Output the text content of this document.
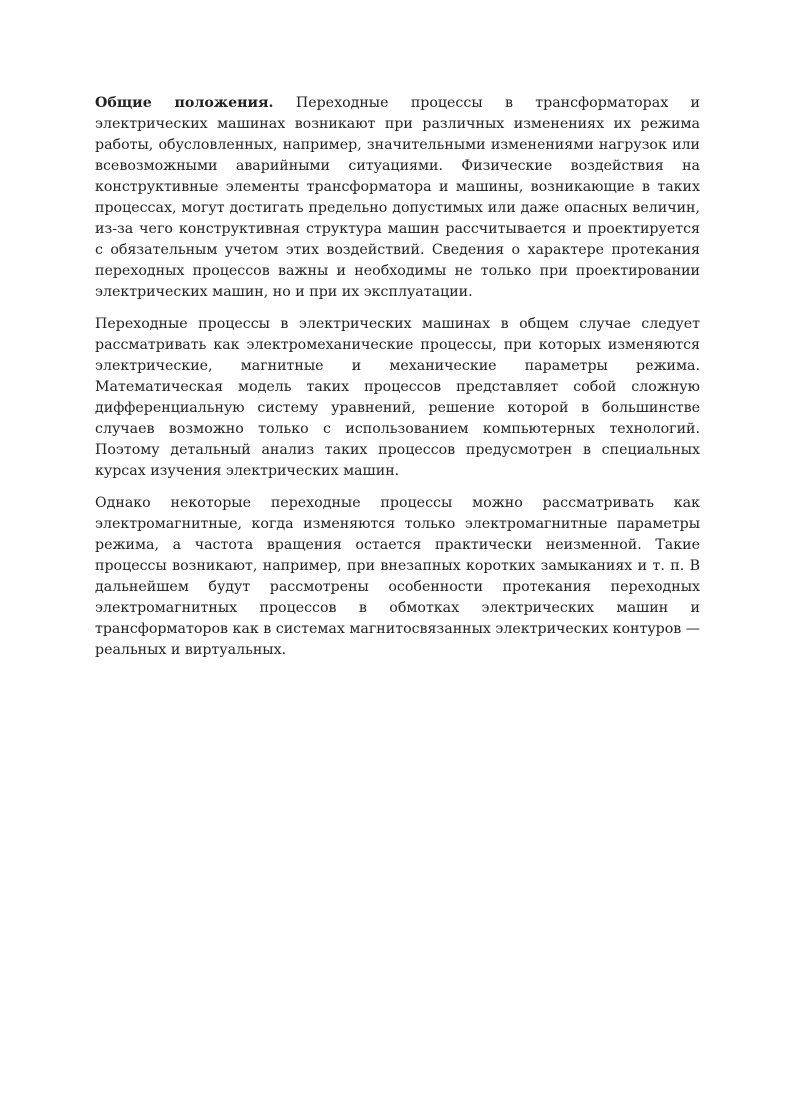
Общие положения. Переходные процессы в трансформаторах и электрических машинах возникают при различных изменениях их режима работы, обусловленных, например, значительными изменениями нагрузок или всевозможными аварийными ситуациями. Физические воздействия на конструктивные элементы трансформатора и машины, возникающие в таких процессах, могут достигать предельно допустимых или даже опасных величин, из-за чего конструктивная структура машин рассчитывается и проектируется с обязательным учетом этих воздействий. Сведения о характере протекания переходных процессов важны и необходимы не только при проектировании электрических машин, но и при их эксплуатации.

Переходные процессы в электрических машинах в общем случае следует рассматривать как электромеханические процессы, при которых изменяются электрические, магнитные и механические параметры режима. Математическая модель таких процессов представляет собой сложную дифференциальную систему уравнений, решение которой в большинстве случаев возможно только с использованием компьютерных технологий. Поэтому детальный анализ таких процессов предусмотрен в специальных курсах изучения электрических машин.

Однако некоторые переходные процессы можно рассматривать как электромагнитные, когда изменяются только электромагнитные параметры режима, а частота вращения остается практически неизменной. Такие процессы возникают, например, при внезапных коротких замыканиях и т. п. В дальнейшем будут рассмотрены особенности протекания переходных электромагнитных процессов в обмотках электрических машин и трансформаторов как в системах магнитосвязанных электрических контуров — реальных и виртуальных.
